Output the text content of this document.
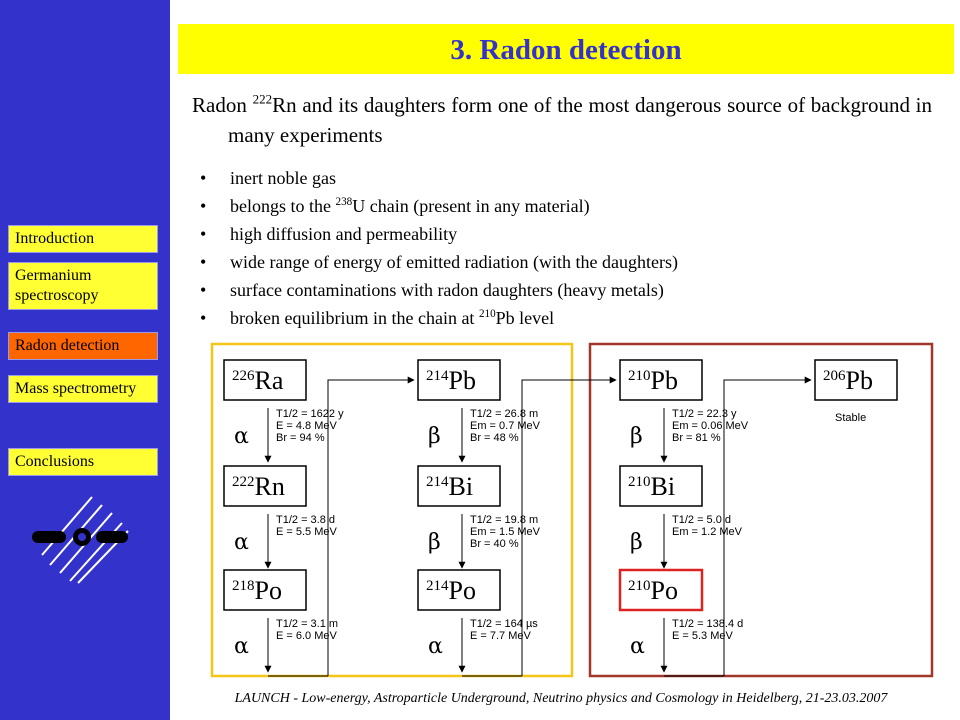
Introduction
Germanium spectroscopy
Radon detection
Mass spectrometry
Conclusions
3. Radon detection
Radon $^{222}$Rn and its daughters form one of the most dangerous source of background in many experiments
• inert noble gas
• belongs to the $^{238}$U chain (present in any material)
• high diffusion and permeability
• wide range of energy of emitted radiation (with the daughters)
• surface contaminations with radon daughters (heavy metals)
• broken equilibrium in the chain at $^{210}$Pb level
$^{226}$Ra
α
T1/2 = 1622 y
E = 4.8 MeV
Br = 94 %
$^{222}$Rn
α
T1/2 = 3.8 d
E = 5.5 MeV
$^{218}$Po
α
T1/2 = 3.1 m
E = 6.0 MeV
$^{214}$Pb
β
T1/2 = 26.8 m
Em = 0.7 MeV
Br = 48 %
$^{214}$Bi
β
T1/2 = 19.8 m
Em = 1.5 MeV
Br = 40 %
$^{214}$Po
α
T1/2 = 164 µs
E = 7.7 MeV
$^{210}$Pb
β
T1/2 = 22.3 y
Em = 0.06 MeV
Br = 81 %
$^{210}$Bi
β
T1/2 = 5.0 d
Em = 1.2 MeV
$^{210}$Po
α
T1/2 = 138.4 d
E = 5.3 MeV
$^{206}$Pb
Stable
LAUNCH - Low-energy, Astroparticle Underground, Neutrino physics and Cosmology in Heidelberg, 21-23.03.2007
